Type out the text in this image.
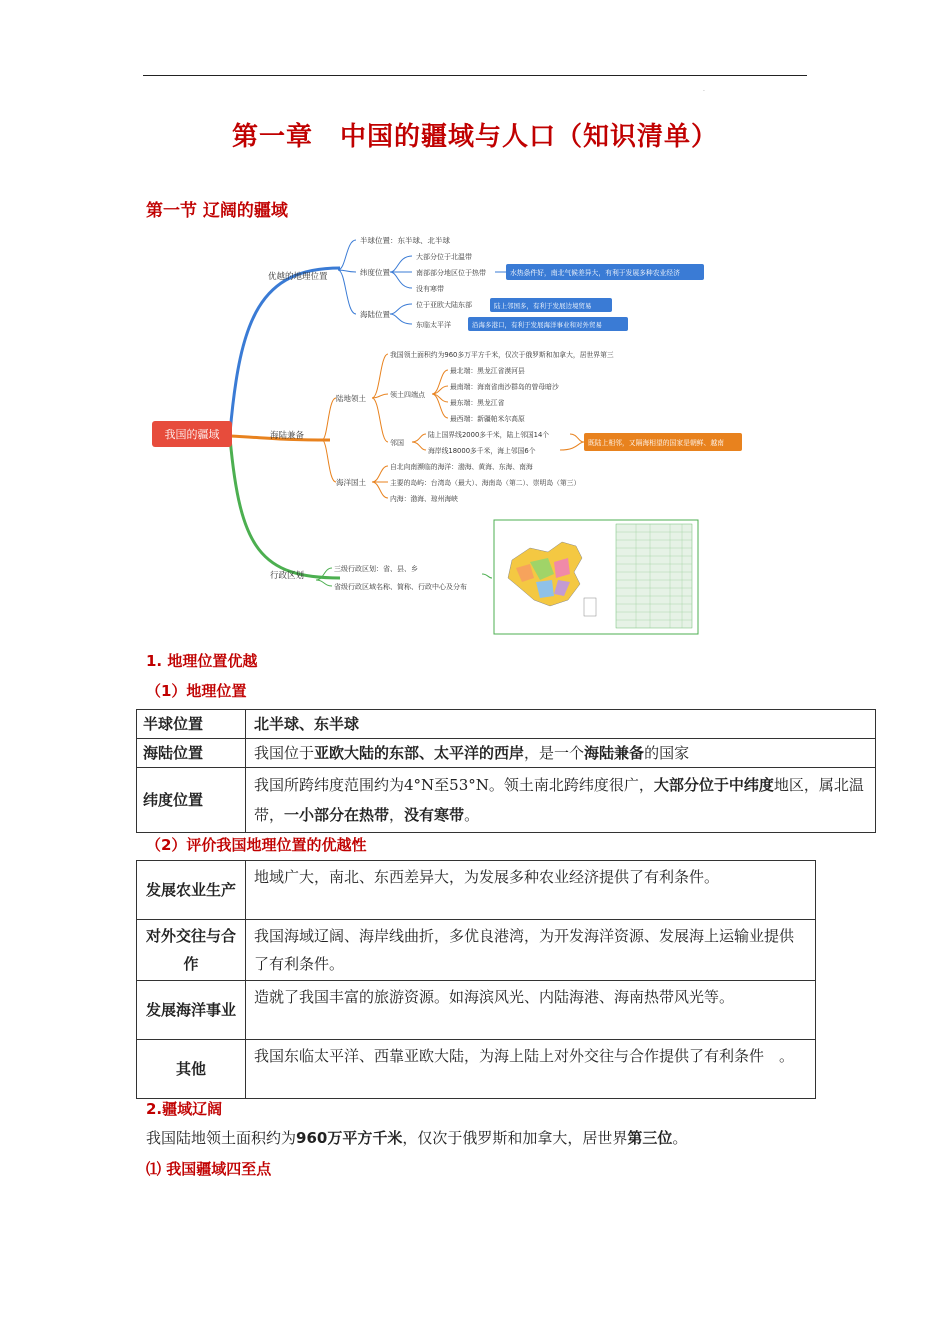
.
第一章　中国的疆域与人口（知识清单）
第一节 辽阔的疆域
我国的疆域
优越的地理位置
半球位置：东半球、北半球
纬度位置
大部分位于北温带
南部部分地区位于热带
没有寒带
水热条件好，南北气候差异大，有利于发展多种农业经济
海陆位置
位于亚欧大陆东部
东临太平洋
陆上邻国多，有利于发展边境贸易
沿海多港口，有利于发展海洋事业和对外贸易
海陆兼备
陆地领土
我国领土面积约为960多万平方千米，仅次于俄罗斯和加拿大，居世界第三
领土四端点
最北端：黑龙江省漠河县
最南端：海南省南沙群岛的曾母暗沙
最东端：黑龙江省
最西端：新疆帕米尔高原
邻国
陆上国界线2000多千米，陆上邻国14个
海岸线18000多千米，海上邻国6个
既陆上相邻，又隔海相望的国家是朝鲜、越南
海洋国土
自北向南濒临的海洋：渤海、黄海、东海、南海
主要的岛屿：台湾岛（最大）、海南岛（第二）、崇明岛（第三）
内海：渤海、琼州海峡
行政区划
三级行政区划：省、县、乡
省级行政区域名称、简称、行政中心及分布
1. 地理位置优越
（1）地理位置
半球位置	北半球、东半球
海陆位置	我国位于亚欧大陆的东部、太平洋的西岸，是一个海陆兼备的国家
纬度位置	我国所跨纬度范围约为4°N至53°N。领土南北跨纬度很广，大部分位于中纬度地区，属北温带，一小部分在热带，没有寒带。
（2）评价我国地理位置的优越性
发展农业生产	地域广大，南北、东西差异大，为发展多种农业经济提供了有利条件。
对外交往与合作	我国海域辽阔、海岸线曲折，多优良港湾，为开发海洋资源、发展海上运输业提供了有利条件。
发展海洋事业	造就了我国丰富的旅游资源。如海滨风光、内陆海港、海南热带风光等。
其他	我国东临太平洋、西靠亚欧大陆，为海上陆上对外交往与合作提供了有利条件　。
2.疆域辽阔
我国陆地领土面积约为960万平方千米，仅次于俄罗斯和加拿大，居世界第三位。
⑴ 我国疆域四至点
